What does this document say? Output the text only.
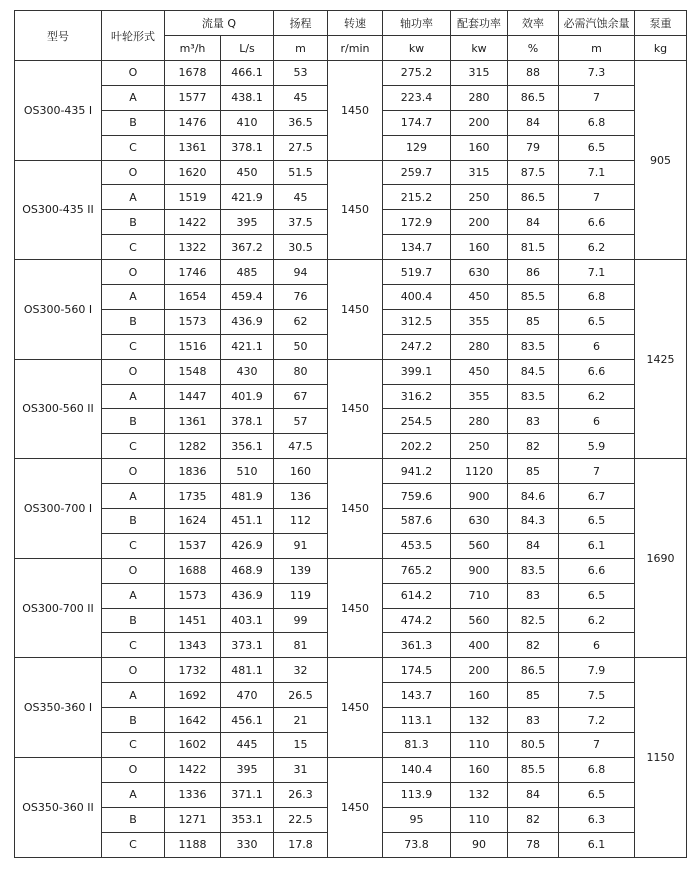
型号	叶轮形式	流量 Q		扬程	转速	轴功率	配套功率	效率	必需汽蚀余量	泵重
		m³/h	L/s	m	r/min	kw	kw	%	m	kg
OS300-435 I	O	1678	466.1	53	1450	275.2	315	88	7.3	905
	A	1577	438.1	45		223.4	280	86.5	7	
	B	1476	410	36.5		174.7	200	84	6.8	
	C	1361	378.1	27.5		129	160	79	6.5	
OS300-435 II	O	1620	450	51.5	1450	259.7	315	87.5	7.1	
	A	1519	421.9	45		215.2	250	86.5	7	
	B	1422	395	37.5		172.9	200	84	6.6	
	C	1322	367.2	30.5		134.7	160	81.5	6.2	
OS300-560 I	O	1746	485	94	1450	519.7	630	86	7.1	1425
	A	1654	459.4	76		400.4	450	85.5	6.8	
	B	1573	436.9	62		312.5	355	85	6.5	
	C	1516	421.1	50		247.2	280	83.5	6	
OS300-560 II	O	1548	430	80	1450	399.1	450	84.5	6.6	
	A	1447	401.9	67		316.2	355	83.5	6.2	
	B	1361	378.1	57		254.5	280	83	6	
	C	1282	356.1	47.5		202.2	250	82	5.9	
OS300-700 I	O	1836	510	160	1450	941.2	1120	85	7	1690
	A	1735	481.9	136		759.6	900	84.6	6.7	
	B	1624	451.1	112		587.6	630	84.3	6.5	
	C	1537	426.9	91		453.5	560	84	6.1	
OS300-700 II	O	1688	468.9	139	1450	765.2	900	83.5	6.6	
	A	1573	436.9	119		614.2	710	83	6.5	
	B	1451	403.1	99		474.2	560	82.5	6.2	
	C	1343	373.1	81		361.3	400	82	6	
OS350-360 I	O	1732	481.1	32	1450	174.5	200	86.5	7.9	1150
	A	1692	470	26.5		143.7	160	85	7.5	
	B	1642	456.1	21		113.1	132	83	7.2	
	C	1602	445	15		81.3	110	80.5	7	
OS350-360 II	O	1422	395	31	1450	140.4	160	85.5	6.8	
	A	1336	371.1	26.3		113.9	132	84	6.5	
	B	1271	353.1	22.5		95	110	82	6.3	
	C	1188	330	17.8		73.8	90	78	6.1	
